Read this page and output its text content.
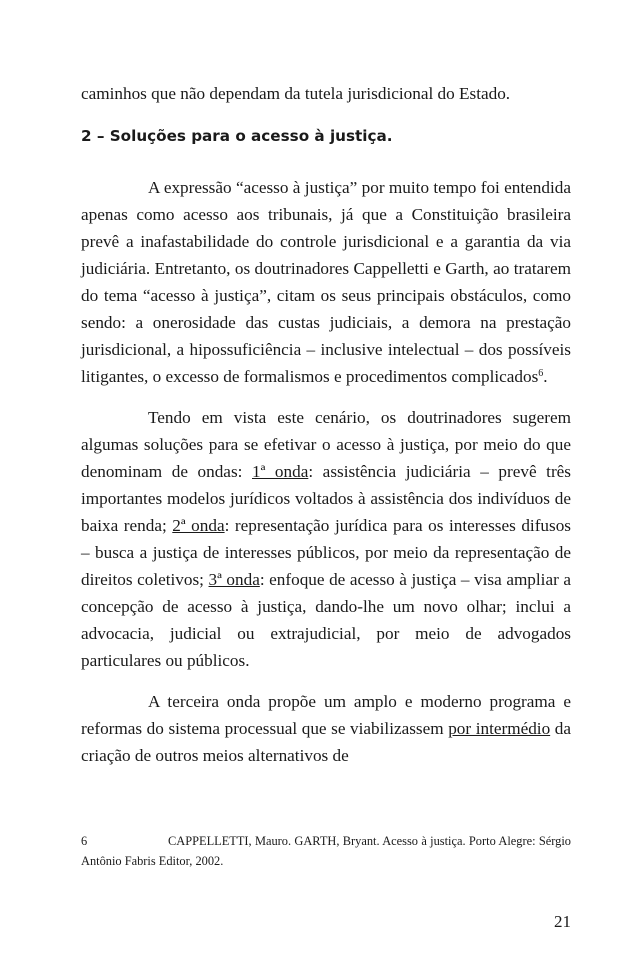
caminhos que não dependam da tutela jurisdicional do Estado.

2 – Soluções para o acesso à justiça.

A expressão “acesso à justiça” por muito tempo foi entendida apenas como acesso aos tribunais, já que a Constituição brasileira prevê a inafastabilidade do controle jurisdicional e a garantia da via judiciária. Entretanto, os doutrinadores Cappelletti e Garth, ao tratarem do tema “acesso à justiça”, citam os seus principais obstáculos, como sendo: a onerosidade das custas judiciais, a demora na prestação jurisdicional, a hipossuficiência – inclusive intelectual – dos possíveis litigantes, o excesso de formalismos e procedimentos complicados$^6$.

Tendo em vista este cenário, os doutrinadores sugerem algumas soluções para se efetivar o acesso à justiça, por meio do que denominam de ondas: 1ª onda: assistência judiciária – prevê três importantes modelos jurídicos voltados à assistência dos indivíduos de baixa renda; 2ª onda: representação jurídica para os interesses difusos – busca a justiça de interesses públicos, por meio da representação de direitos coletivos; 3ª onda: enfoque de acesso à justiça – visa ampliar a concepção de acesso à justiça, dando-lhe um novo olhar; inclui a advocacia, judicial ou extrajudicial, por meio de advogados particulares ou públicos.

A terceira onda propõe um amplo e moderno programa e reformas do sistema processual que se viabilizassem por intermédio da criação de outros meios alternativos de

6	CAPPELLETTI, Mauro. GARTH, Bryant. Acesso à justiça. Porto Alegre: Sérgio Antônio Fabris Editor, 2002.

21
